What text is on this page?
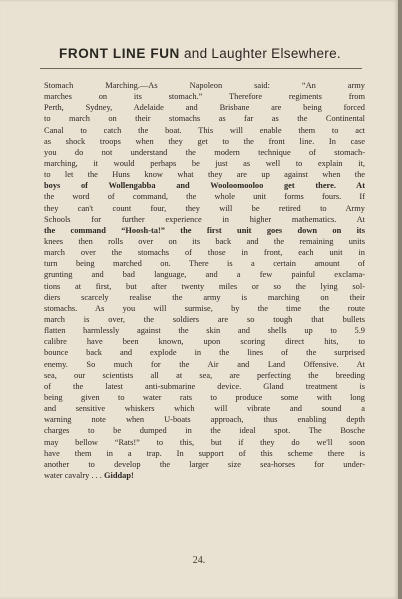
FRONT LINE FUN and Laughter Elsewhere.
Stomach Marching.—As Napoleon said: “An army
marches on its stomach.” Therefore regiments from
Perth, Sydney, Adelaide and Brisbane are being forced
to march on their stomachs as far as the Continental
Canal to catch the boat. This will enable them to act
as shock troops when they get to the front line. In case
you do not understand the modern technique of stomach-
marching, it would perhaps be just as well to explain it,
to let the Huns know what they are up against when the
boys of Wollengabba and Wooloomooloo get there. At
the word of command, the whole unit forms fours. If
they can't count four, they will be retired to Army
Schools for further experience in higher mathematics. At
the command “Hoosh-ta!” the first unit goes down on its
knees then rolls over on its back and the remaining units
march over the stomachs of those in front, each unit in
turn being marched on. There is a certain amount of
grunting and bad language, and a few painful exclama-
tions at first, but after twenty miles or so the lying sol-
diers scarcely realise the army is marching on their
stomachs. As you will surmise, by the time the route
march is over, the soldiers are so tough that bullets
flatten harmlessly against the skin and shells up to 5.9
calibre have been known, upon scoring direct hits, to
bounce back and explode in the lines of the surprised
enemy. So much for the Air and Land Offensive. At
sea, our scientists all at sea, are perfecting the breeding
of the latest anti-submarine device. Gland treatment is
being given to water rats to produce some with long
and sensitive whiskers which will vibrate and sound a
warning note when U-boats approach, thus enabling depth
charges to be dumped in the ideal spot. The Bosche
may bellow “Rats!” to this, but if they do we'll soon
have them in a trap. In support of this scheme there is
another to develop the larger size sea-horses for under-
water cavalry . . . Giddap!
24.
